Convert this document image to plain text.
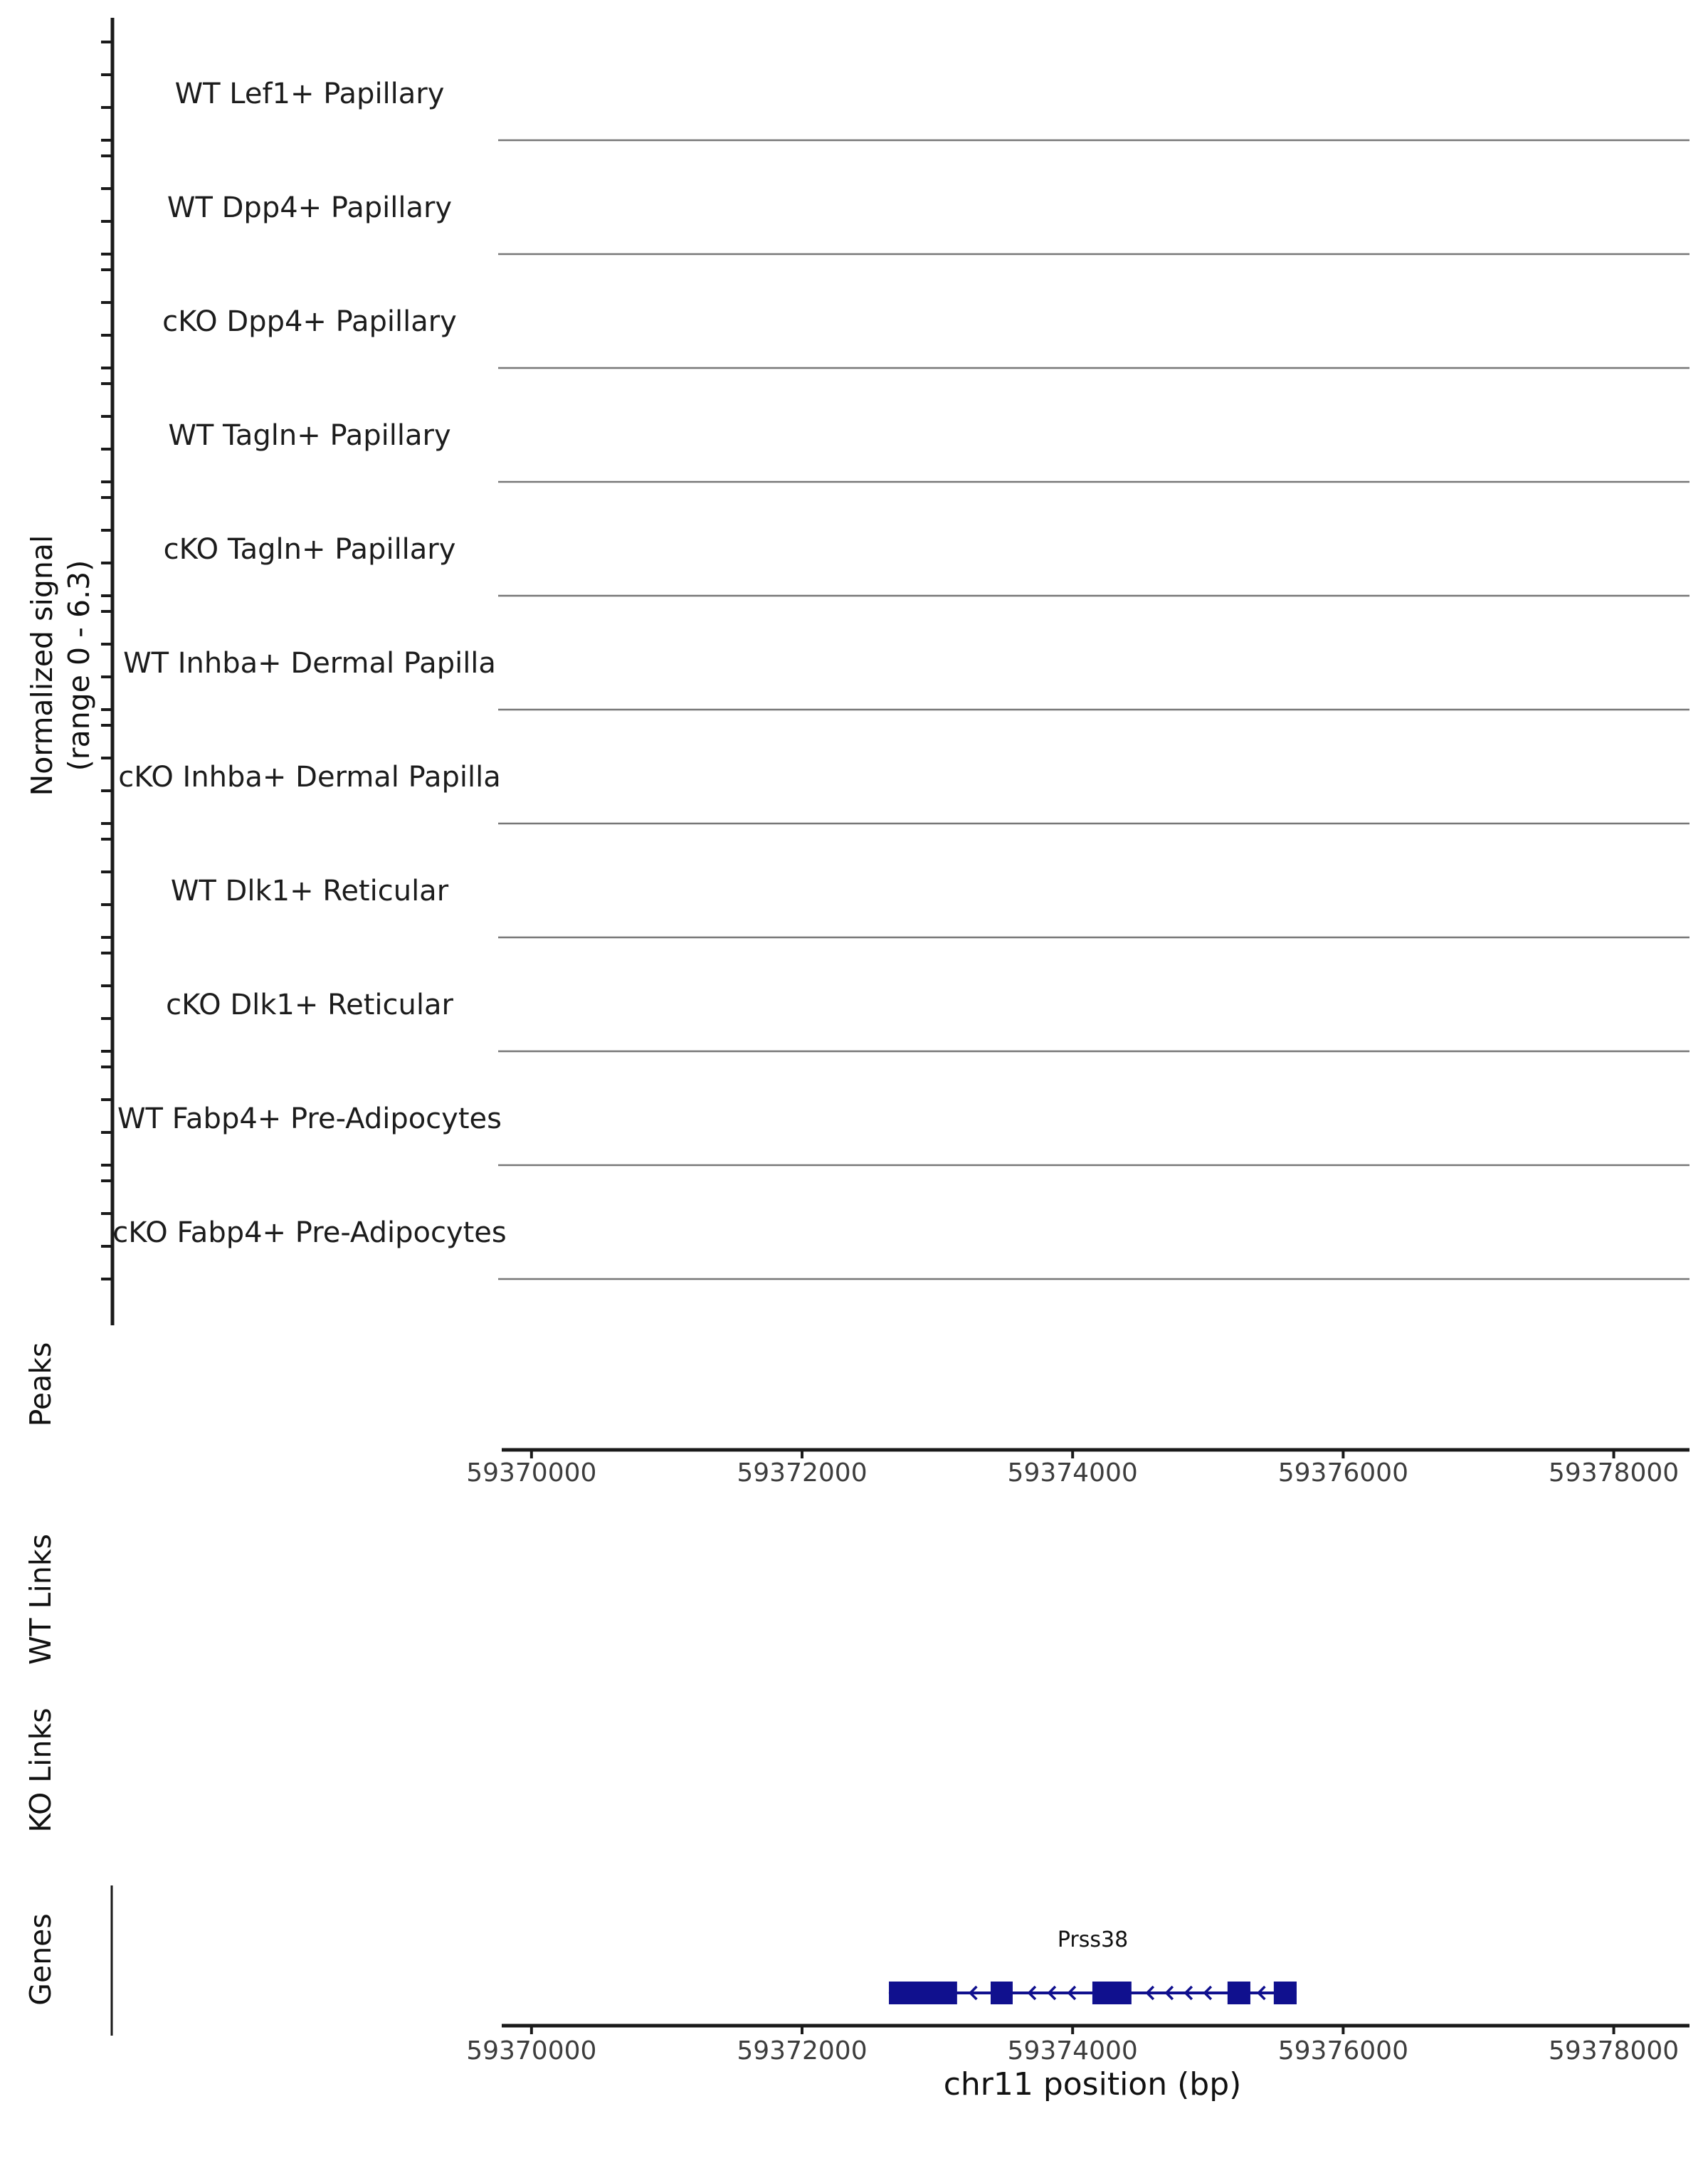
Normalized signal (range 0 - 6.3)
Peaks
WT Links
KO Links
Genes
WT Lef1+ Papillary
WT Dpp4+ Papillary
cKO Dpp4+ Papillary
WT Tagln+ Papillary
cKO Tagln+ Papillary
WT Inhba+ Dermal Papilla
cKO Inhba+ Dermal Papilla
WT Dlk1+ Reticular
cKO Dlk1+ Reticular
WT Fabp4+ Pre-Adipocytes
cKO Fabp4+ Pre-Adipocytes
59370000	59372000	59374000	59376000	59378000
59370000	59372000	59374000	59376000	59378000
Prss38
chr11 position (bp)
